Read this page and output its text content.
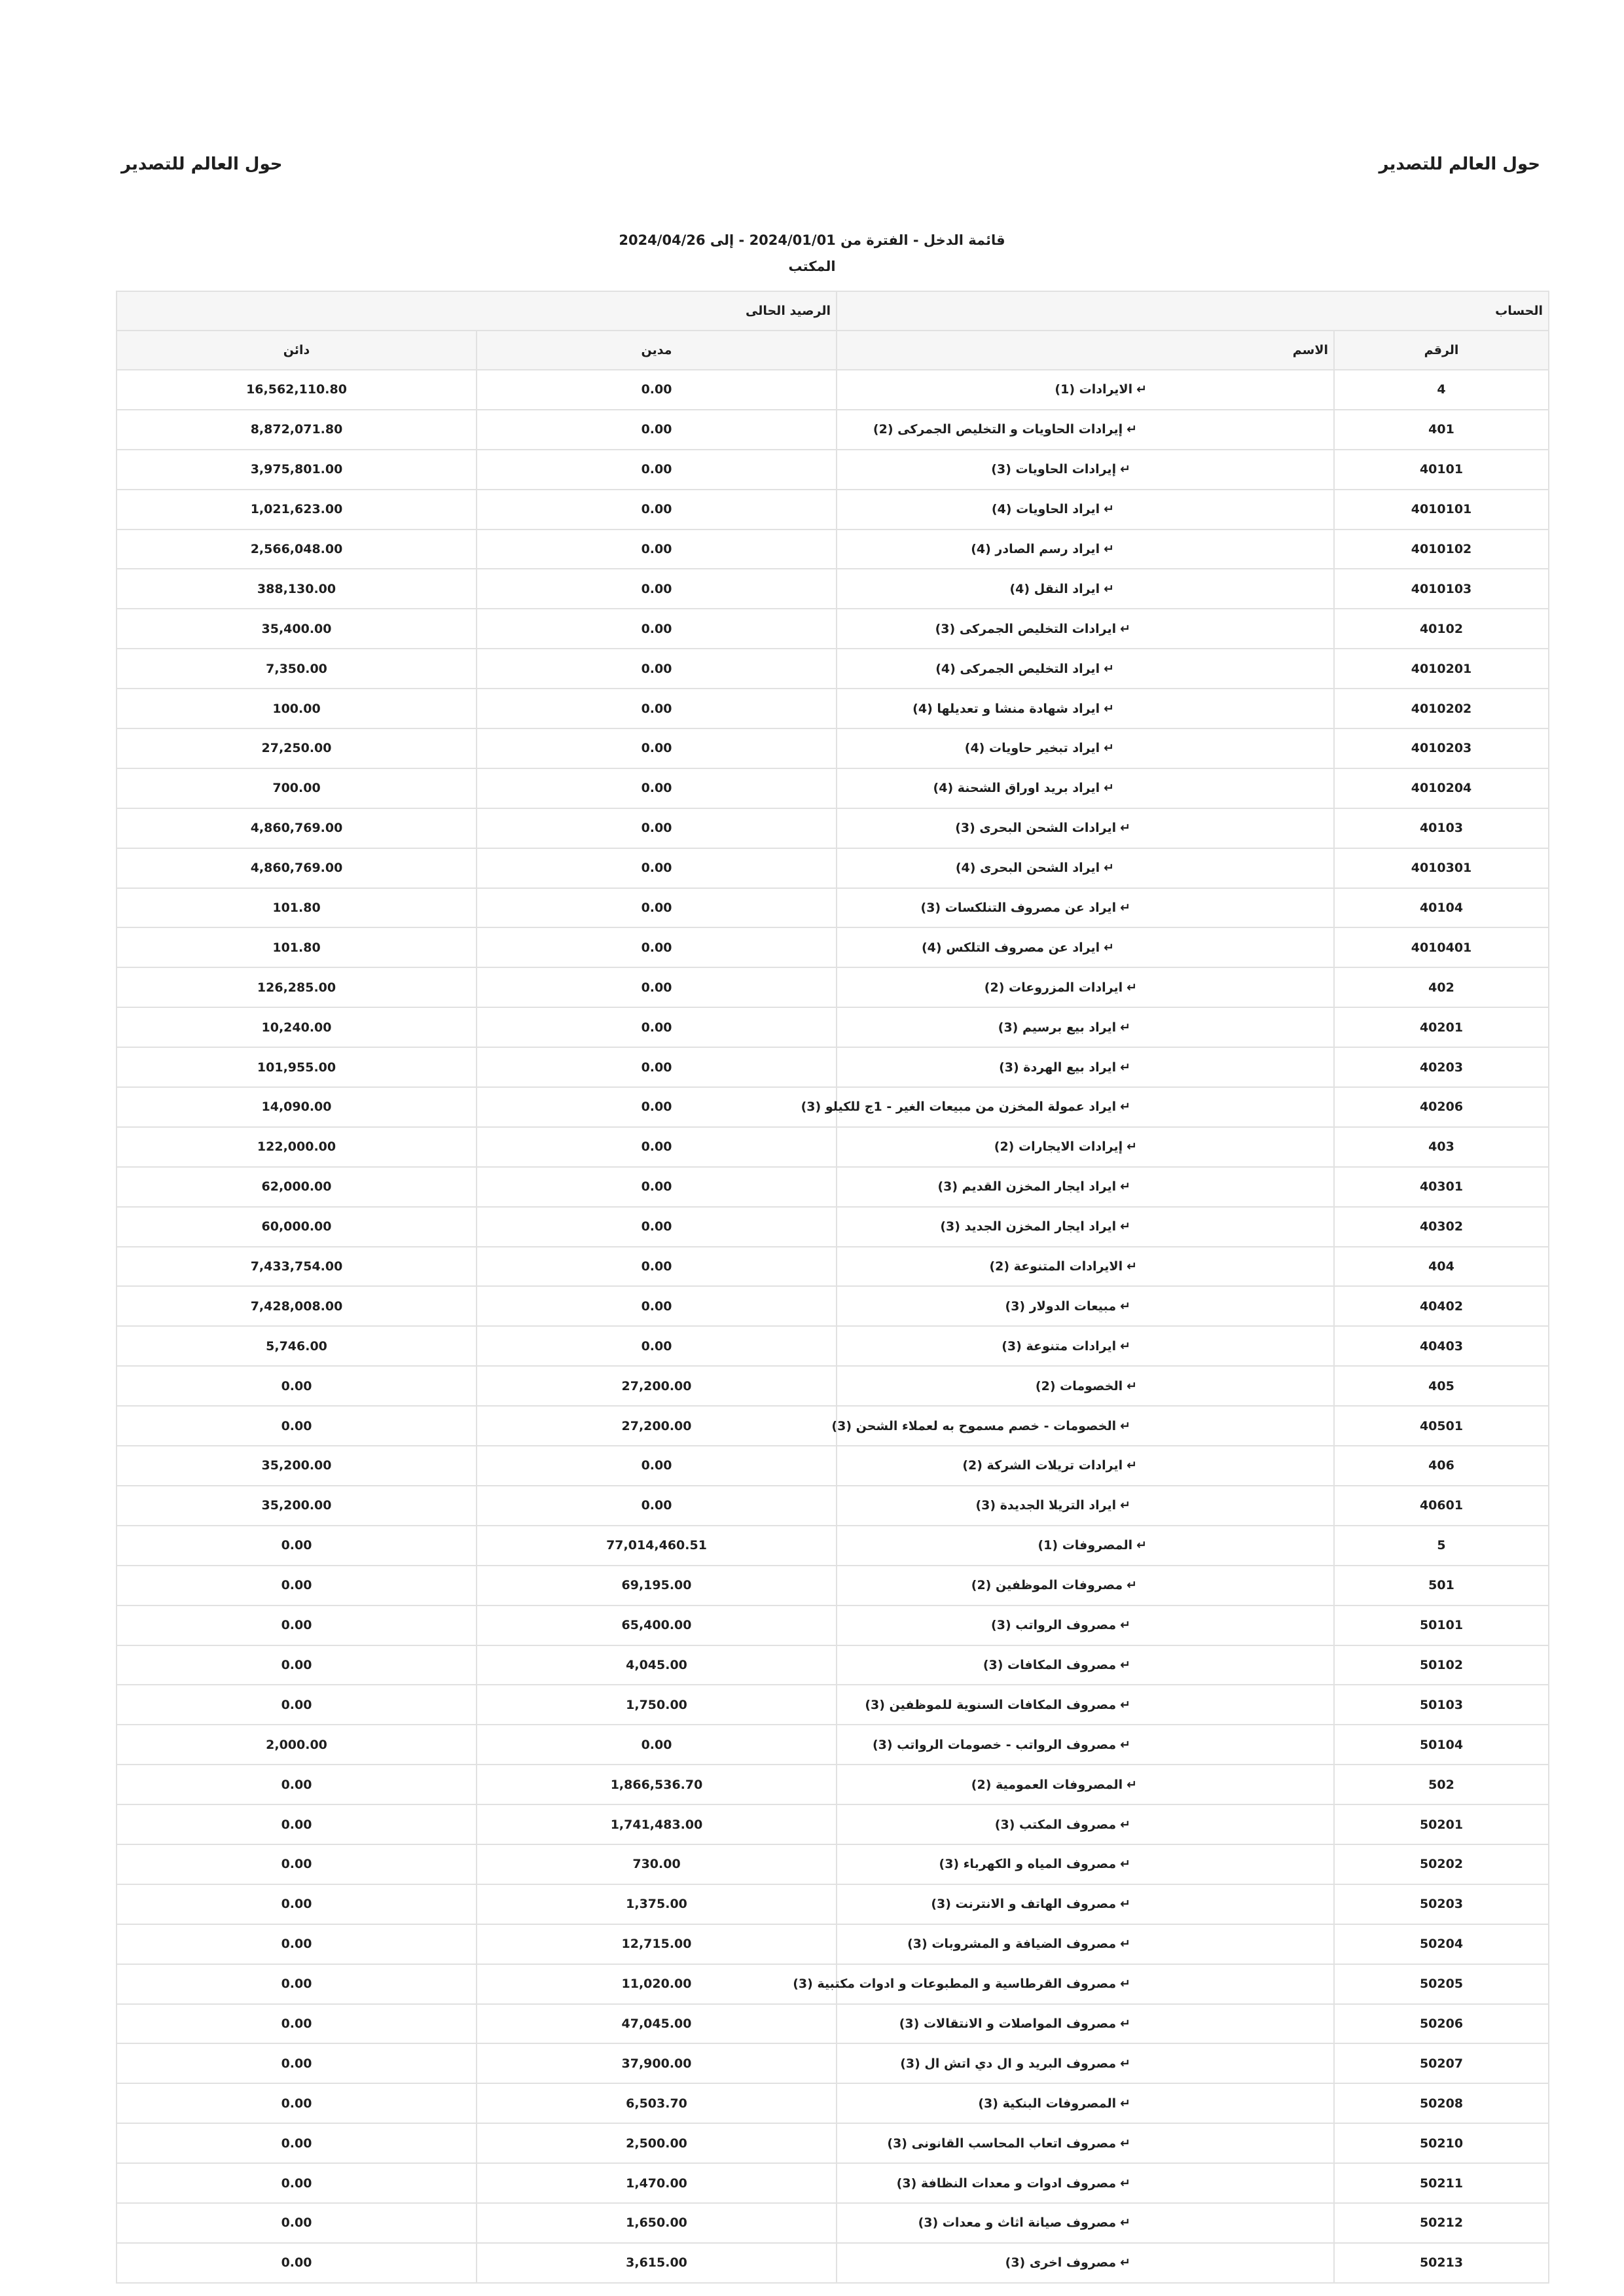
حول العالم للتصدير
حول العالم للتصدير
قائمة الدخل - الفترة من 2024/01/01 - إلى 2024/04/26
المكتب
الحساب		الرصيد الحالى	
الرقم	الاسم	مدين	دائن
4	↵الايرادات (1)	0.00	16,562,110.80
401	↵إيرادات الحاويات و التخليص الجمركى (2)	0.00	8,872,071.80
40101	↵إيرادات الحاويات (3)	0.00	3,975,801.00
4010101	↵ايراد الحاويات (4)	0.00	1,021,623.00
4010102	↵ايراد رسم الصادر (4)	0.00	2,566,048.00
4010103	↵ايراد النقل (4)	0.00	388,130.00
40102	↵ايرادات التخليص الجمركى (3)	0.00	35,400.00
4010201	↵ايراد التخليص الجمركى (4)	0.00	7,350.00
4010202	↵ايراد شهادة منشا و تعديلها (4)	0.00	100.00
4010203	↵ايراد تبخير حاويات (4)	0.00	27,250.00
4010204	↵ايراد بريد اوراق الشحنة (4)	0.00	700.00
40103	↵ايرادات الشحن البحرى (3)	0.00	4,860,769.00
4010301	↵ايراد الشحن البحرى (4)	0.00	4,860,769.00
40104	↵ايراد عن مصروف التنلكسات (3)	0.00	101.80
4010401	↵ايراد عن مصروف التلكس (4)	0.00	101.80
402	↵ايرادات المزروعات (2)	0.00	126,285.00
40201	↵ايراد بيع برسيم (3)	0.00	10,240.00
40203	↵ايراد بيع الهردة (3)	0.00	101,955.00
40206	↵ايراد عمولة المخزن من مبيعات الغير - 1ج للكيلو (3)	0.00	14,090.00
403	↵إيرادات الايجارات (2)	0.00	122,000.00
40301	↵ايراد ايجار المخزن القديم (3)	0.00	62,000.00
40302	↵ايراد ايجار المخزن الجديد (3)	0.00	60,000.00
404	↵الايرادات المتنوعة (2)	0.00	7,433,754.00
40402	↵مبيعات الدولار (3)	0.00	7,428,008.00
40403	↵ايرادات متنوعة (3)	0.00	5,746.00
405	↵الخصومات (2)	27,200.00	0.00
40501	↵الخصومات - خصم مسموح به لعملاء الشحن (3)	27,200.00	0.00
406	↵ايرادات تريلات الشركة (2)	0.00	35,200.00
40601	↵ايراد التريلا الجديدة (3)	0.00	35,200.00
5	↵المصروفات (1)	77,014,460.51	0.00
501	↵مصروفات الموظفين (2)	69,195.00	0.00
50101	↵مصروف الرواتب (3)	65,400.00	0.00
50102	↵مصروف المكافات (3)	4,045.00	0.00
50103	↵مصروف المكافات السنوية للموظفين (3)	1,750.00	0.00
50104	↵مصروف الرواتب - خصومات الرواتب (3)	0.00	2,000.00
502	↵المصروفات العمومية (2)	1,866,536.70	0.00
50201	↵مصروف المكتب (3)	1,741,483.00	0.00
50202	↵مصروف المياه و الكهرباء (3)	730.00	0.00
50203	↵مصروف الهاتف و الانترنت (3)	1,375.00	0.00
50204	↵مصروف الضيافة و المشروبات (3)	12,715.00	0.00
50205	↵مصروف القرطاسية و المطبوعات و ادوات مكتبية (3)	11,020.00	0.00
50206	↵مصروف المواصلات و الانتقالات (3)	47,045.00	0.00
50207	↵مصروف البريد و ال دي اتش ال (3)	37,900.00	0.00
50208	↵المصروفات البنكية (3)	6,503.70	0.00
50210	↵مصروف اتعاب المحاسب القانونى (3)	2,500.00	0.00
50211	↵مصروف ادوات و معدات النظافة (3)	1,470.00	0.00
50212	↵مصروف صيانة اثاث و معدات (3)	1,650.00	0.00
50213	↵مصروف اخرى (3)	3,615.00	0.00
